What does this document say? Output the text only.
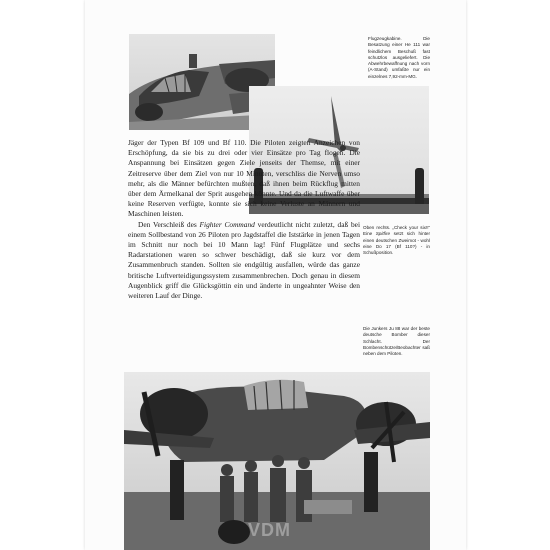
Flugzeugkabine. Die Besatzung einer He 111 war feindlichem Beschuß fast schutzlos ausgeliefert. Die Abwehrbewaffnung nach vorn (A-Stand) umfaßte nur ein einzelnes 7,92-mm-MG.

Jäger der Typen Bf 109 und Bf 110. Die Piloten zeigten Anzeichen von Erschöpfung, da sie bis zu drei oder vier Einsätze pro Tag flogen. Die Anspannung bei Einsätzen gegen Ziele jenseits der Themse, mit einer Zeitreserve über dem Ziel von nur 10 Minuten, verschliss die Nerven umso mehr, als die Männer befürchten mußten, daß ihnen beim Rückflug mitten über dem Ärmelkanal der Sprit ausgehen könnte. Und da die Luftwaffe über keine Reserven verfügte, konnte sie sich keine Verluste an Männern und Maschinen leisten.

Den Verschleiß des Fighter Command verdeutlicht nicht zuletzt, daß bei einem Sollbestand von 26 Piloten pro Jagdstaffel die Iststärke in jenen Tagen im Schnitt nur noch bei 10 Mann lag! Fünf Flugplätze und sechs Radarstationen waren so schwer beschädigt, daß sie kurz vor dem Zusammenbruch standen. Sollten sie endgültig ausfallen, würde das ganze britische Luftverteidigungssystem zusammenbrechen. Doch genau in diesem Augenblick griff die Glücksgöttin ein und änderte in ungeahnter Weise den weiteren Lauf der Dinge.

Oben rechts. „Check your six!!“ Eine Spitfire setzt sich hinter einen deutschen Zweimot - wohl eine Do 17 (Bf 110?) - in Schußposition.
Die Junkers Ju 88 war der beste deutsche Bomber dieser Schlacht. Der Bombenschütze/Beobachter saß neben dem Piloten.
VDM
